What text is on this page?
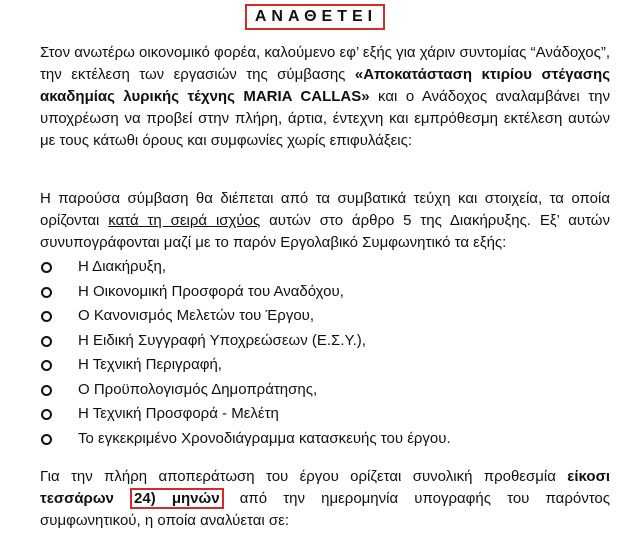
ΑΝΑΘΕΤΕΙ

Στον ανωτέρω οικονομικό φορέα, καλούμενο εφ’ εξής για χάριν συντομίας “Ανάδοχος”, την εκτέλεση των εργασιών της σύμβασης «Αποκατάσταση κτιρίου στέγασης ακαδημίας λυρικής τέχνης MARIA CALLAS» και ο Ανάδοχος αναλαμβάνει την υποχρέωση να προβεί στην πλήρη, άρτια, έντεχνη και εμπρόθεσμη εκτέλεση αυτών με τους κάτωθι όρους και συμφωνίες χωρίς επιφυλάξεις:

Η παρούσα σύμβαση θα διέπεται από τα συμβατικά τεύχη και στοιχεία, τα οποία ορίζονται κατά τη σειρά ισχύος αυτών στο άρθρο 5 της Διακήρυξης. Εξ’ αυτών συνυπογράφονται μαζί με το παρόν Εργολαβικό Συμφωνητικό τα εξής:

Η Διακήρυξη,
Η Οικονομική Προσφορά του Αναδόχου,
Ο Κανονισμός Μελετών του Έργου,
Η Ειδική Συγγραφή Υποχρεώσεων (Ε.Σ.Υ.),
Η Τεχνική Περιγραφή,
Ο Προϋπολογισμός Δημοπράτησης,
Η Τεχνική Προσφορά - Μελέτη
Το εγκεκριμένο Χρονοδιάγραμμα κατασκευής του έργου.

Για την πλήρη αποπεράτωση του έργου ορίζεται συνολική προθεσμία είκοσι τεσσάρων 24) μηνών από την ημερομηνία υπογραφής του παρόντος συμφωνητικού, η οποία αναλύεται σε:
